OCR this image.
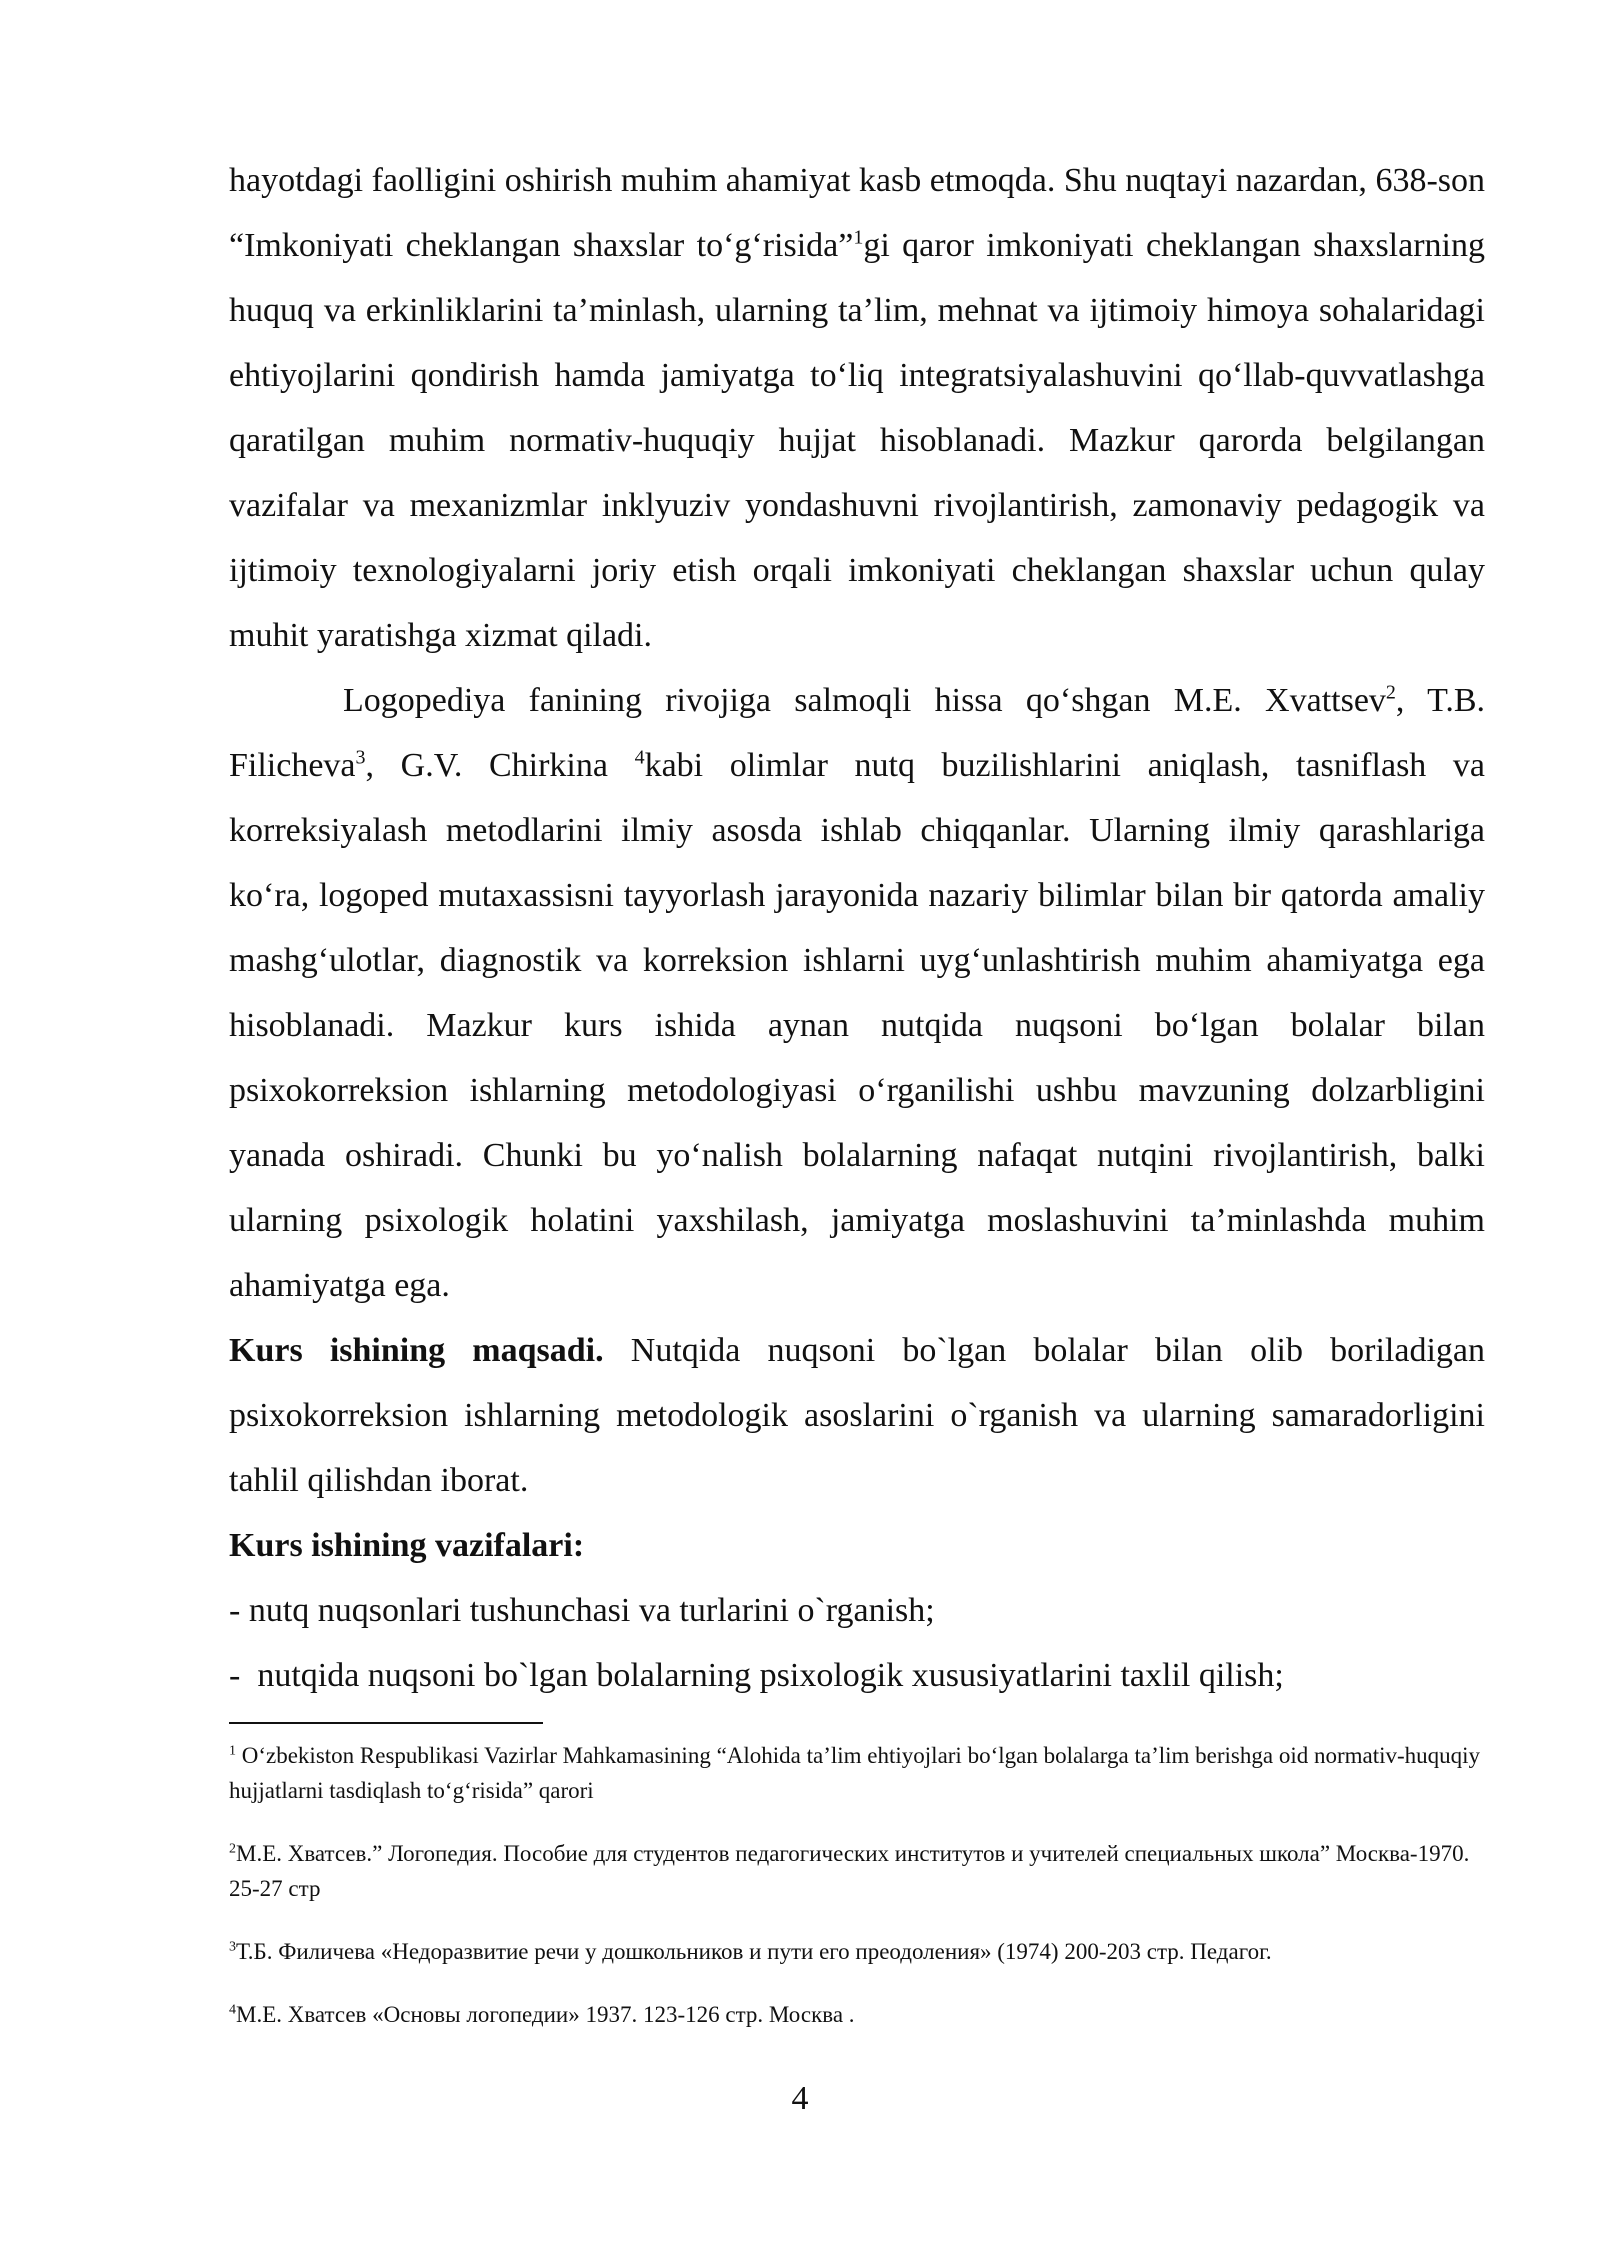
hayotdagi faolligini oshirish muhim ahamiyat kasb etmoqda. Shu nuqtayi nazardan, 638-son “Imkoniyati cheklangan shaxslar to‘g‘risida”$^1$gi qaror imkoniyati cheklangan shaxslarning huquq va erkinliklarini ta’minlash, ularning ta’lim, mehnat va ijtimoiy himoya sohalaridagi ehtiyojlarini qondirish hamda jamiyatga to‘liq integratsiyalashuvini qo‘llab-quvvatlashga qaratilgan muhim normativ-huquqiy hujjat hisoblanadi. Mazkur qarorda belgilangan vazifalar va mexanizmlar inklyuziv yondashuvni rivojlantirish, zamonaviy pedagogik va ijtimoiy texnologiyalarni joriy etish orqali imkoniyati cheklangan shaxslar uchun qulay muhit yaratishga xizmat qiladi.

Logopediya fanining rivojiga salmoqli hissa qo‘shgan M.E. Xvattsev$^2$, T.B. Filicheva$^3$, G.V. Chirkina $^4$kabi olimlar nutq buzilishlarini aniqlash, tasniflash va korreksiyalash metodlarini ilmiy asosda ishlab chiqqanlar. Ularning ilmiy qarashlariga ko‘ra, logoped mutaxassisni tayyorlash jarayonida nazariy bilimlar bilan bir qatorda amaliy mashg‘ulotlar, diagnostik va korreksion ishlarni uyg‘unlashtirish muhim ahamiyatga ega hisoblanadi. Mazkur kurs ishida aynan nutqida nuqsoni bo‘lgan bolalar bilan psixokorreksion ishlarning metodologiyasi o‘rganilishi ushbu mavzuning dolzarbligini yanada oshiradi. Chunki bu yo‘nalish bolalarning nafaqat nutqini rivojlantirish, balki ularning psixologik holatini yaxshilash, jamiyatga moslashuvini ta’minlashda muhim ahamiyatga ega.

Kurs ishining maqsadi. Nutqida nuqsoni bo`lgan bolalar bilan olib boriladigan psixokorreksion ishlarning metodologik asoslarini o`rganish va ularning samaradorligini tahlil qilishdan iborat.

Kurs ishining vazifalari:

- nutq nuqsonlari tushunchasi va turlarini o`rganish;

-  nutqida nuqsoni bo`lgan bolalarning psixologik xususiyatlarini taxlil qilish;

$^1$ O‘zbekiston Respublikasi Vazirlar Mahkamasining “Alohida ta’lim ehtiyojlari bo‘lgan bolalarga ta’lim berishga oid normativ-huquqiy hujjatlarni tasdiqlash to‘g‘risida” qarori

$^2$М.Е. Хватсев.” Логопедия. Пособие для студентов педагогических институтов и учителей специальных школа” Москва-1970. 25-27 стр

$^3$Т.Б. Филичева «Недоразвитие речи у дошкольников и пути его преодоления» (1974) 200-203 стр. Педагог.

$^4$М.Е. Хватсев «Основы логопедии» 1937. 123-126 стр. Москва .

4
